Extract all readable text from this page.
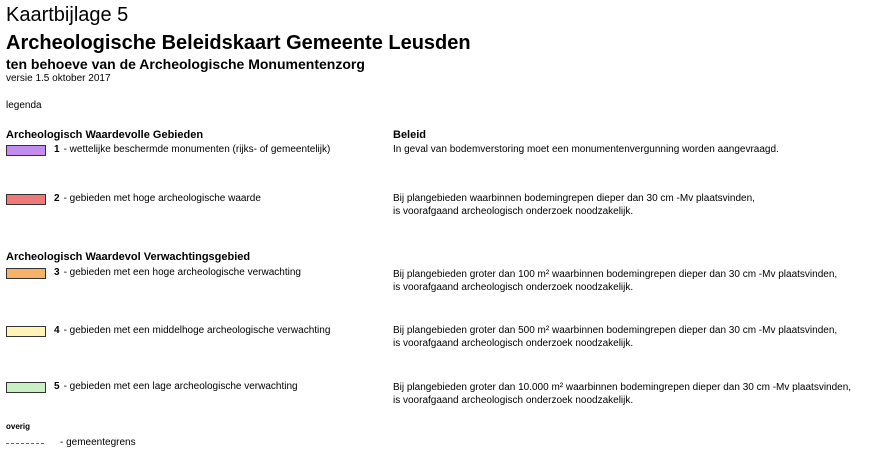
Kaartbijlage 5
Archeologische Beleidskaart Gemeente Leusden
ten behoeve van de Archeologische Monumentenzorg
versie 1.5 oktober 2017
legenda
Archeologisch Waardevolle Gebieden	Beleid
1 - wettelijke beschermde monumenten (rijks- of gemeentelijk)	In geval van bodemverstoring moet een monumentenvergunning worden aangevraagd.
2 - gebieden met hoge archeologische waarde	Bij plangebieden waarbinnen bodemingrepen dieper dan 30 cm -Mv plaatsvinden,
is voorafgaand archeologisch onderzoek noodzakelijk.
Archeologisch Waardevol Verwachtingsgebied
3 - gebieden met een hoge archeologische verwachting	Bij plangebieden groter dan 100 m² waarbinnen bodemingrepen dieper dan 30 cm -Mv plaatsvinden,
is voorafgaand archeologisch onderzoek noodzakelijk.
4 - gebieden met een middelhoge archeologische verwachting	Bij plangebieden groter dan 500 m² waarbinnen bodemingrepen dieper dan 30 cm -Mv plaatsvinden,
is voorafgaand archeologisch onderzoek noodzakelijk.
5 - gebieden met een lage archeologische verwachting	Bij plangebieden groter dan 10.000 m² waarbinnen bodemingrepen dieper dan 30 cm -Mv plaatsvinden,
is voorafgaand archeologisch onderzoek noodzakelijk.
overig
- gemeentegrens
